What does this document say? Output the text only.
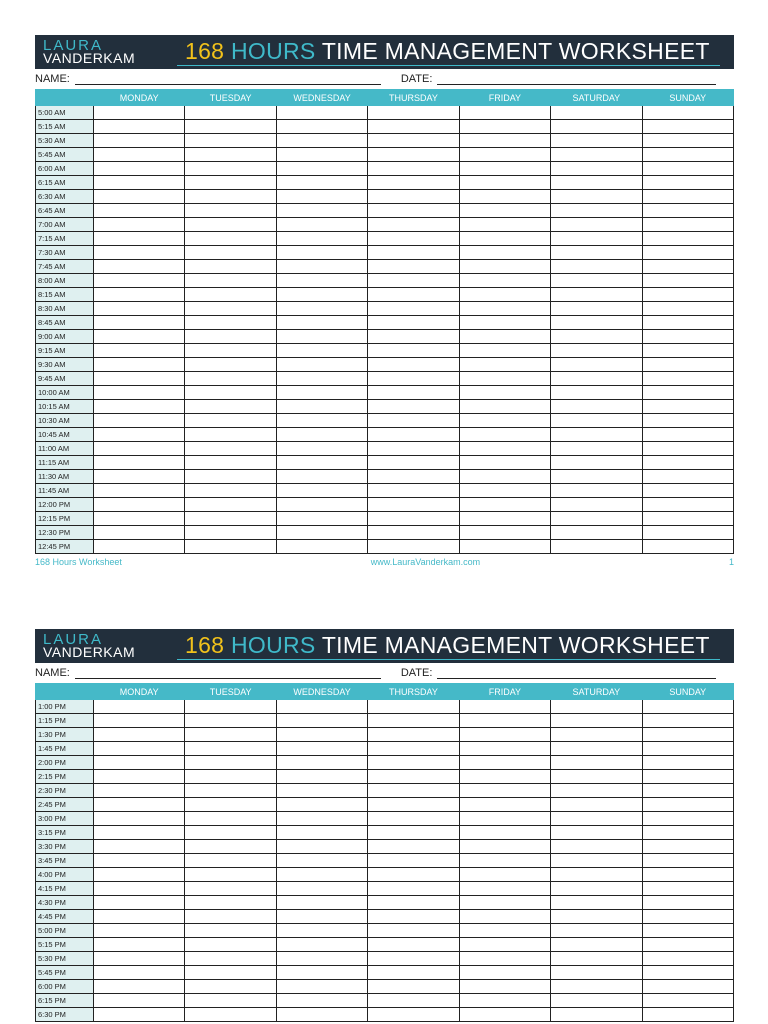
LAURA
VANDERKAM	168 HOURS TIME MANAGEMENT WORKSHEET
NAME:	DATE:
	MONDAY	TUESDAY	WEDNESDAY	THURSDAY	FRIDAY	SATURDAY	SUNDAY
5:00 AM							
5:15 AM							
5:30 AM							
5:45 AM							
6:00 AM							
6:15 AM							
6:30 AM							
6:45 AM							
7:00 AM							
7:15 AM							
7:30 AM							
7:45 AM							
8:00 AM							
8:15 AM							
8:30 AM							
8:45 AM							
9:00 AM							
9:15 AM							
9:30 AM							
9:45 AM							
10:00 AM							
10:15 AM							
10:30 AM							
10:45 AM							
11:00 AM							
11:15 AM							
11:30 AM							
11:45 AM							
12:00 PM							
12:15 PM							
12:30 PM							
12:45 PM							
168 Hours Worksheet	www.LauraVanderkam.com	1
LAURA
VANDERKAM	168 HOURS TIME MANAGEMENT WORKSHEET
NAME:	DATE:
	MONDAY	TUESDAY	WEDNESDAY	THURSDAY	FRIDAY	SATURDAY	SUNDAY
1:00 PM							
1:15 PM							
1:30 PM							
1:45 PM							
2:00 PM							
2:15 PM							
2:30 PM							
2:45 PM							
3:00 PM							
3:15 PM							
3:30 PM							
3:45 PM							
4:00 PM							
4:15 PM							
4:30 PM							
4:45 PM							
5:00 PM							
5:15 PM							
5:30 PM							
5:45 PM							
6:00 PM							
6:15 PM							
6:30 PM							
